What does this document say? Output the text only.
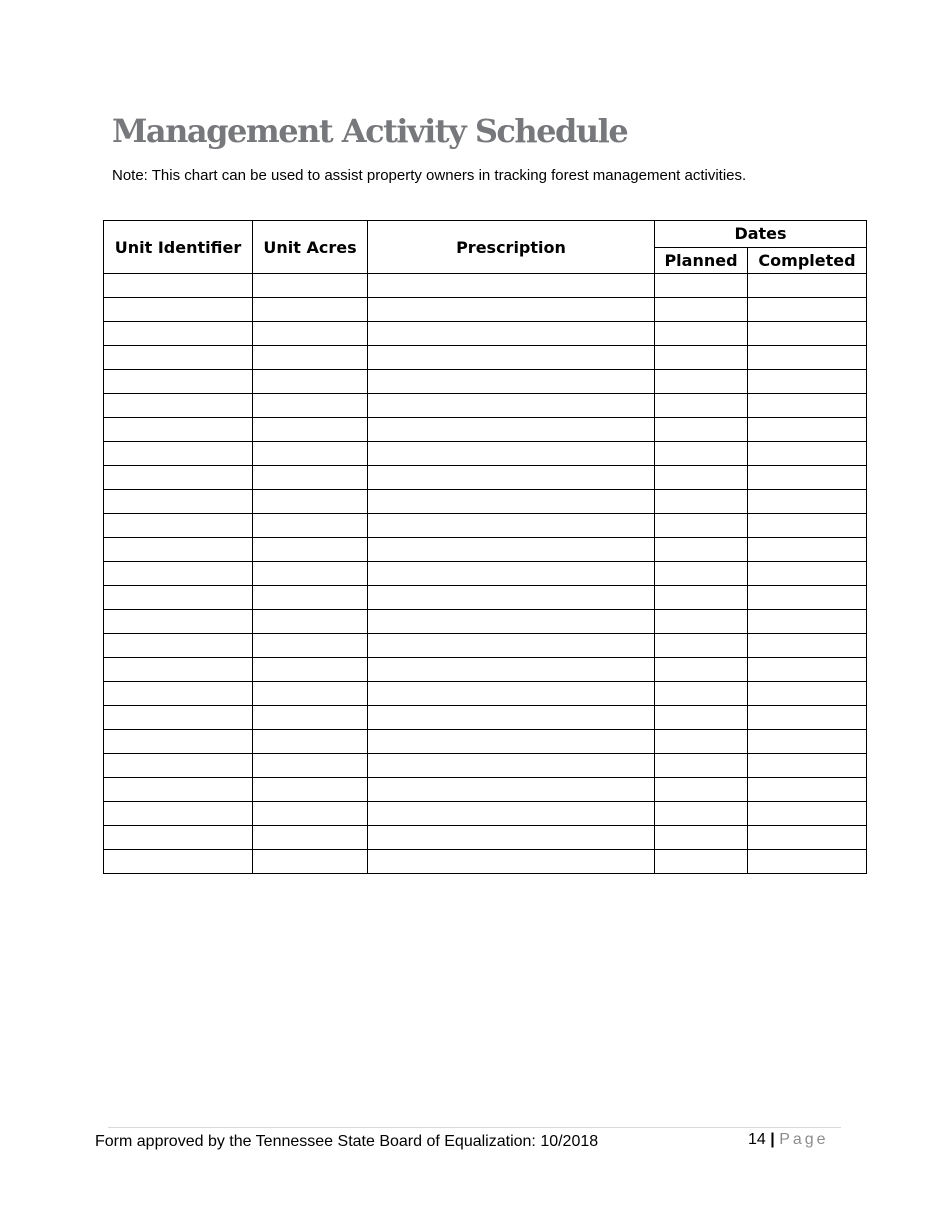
Management Activity Schedule
Note: This chart can be used to assist property owners in tracking forest management activities.
Unit Identifier	Unit Acres	Prescription	Dates	
			Planned	Completed

Form approved by the Tennessee State Board of Equalization: 10/2018	14 | Page
